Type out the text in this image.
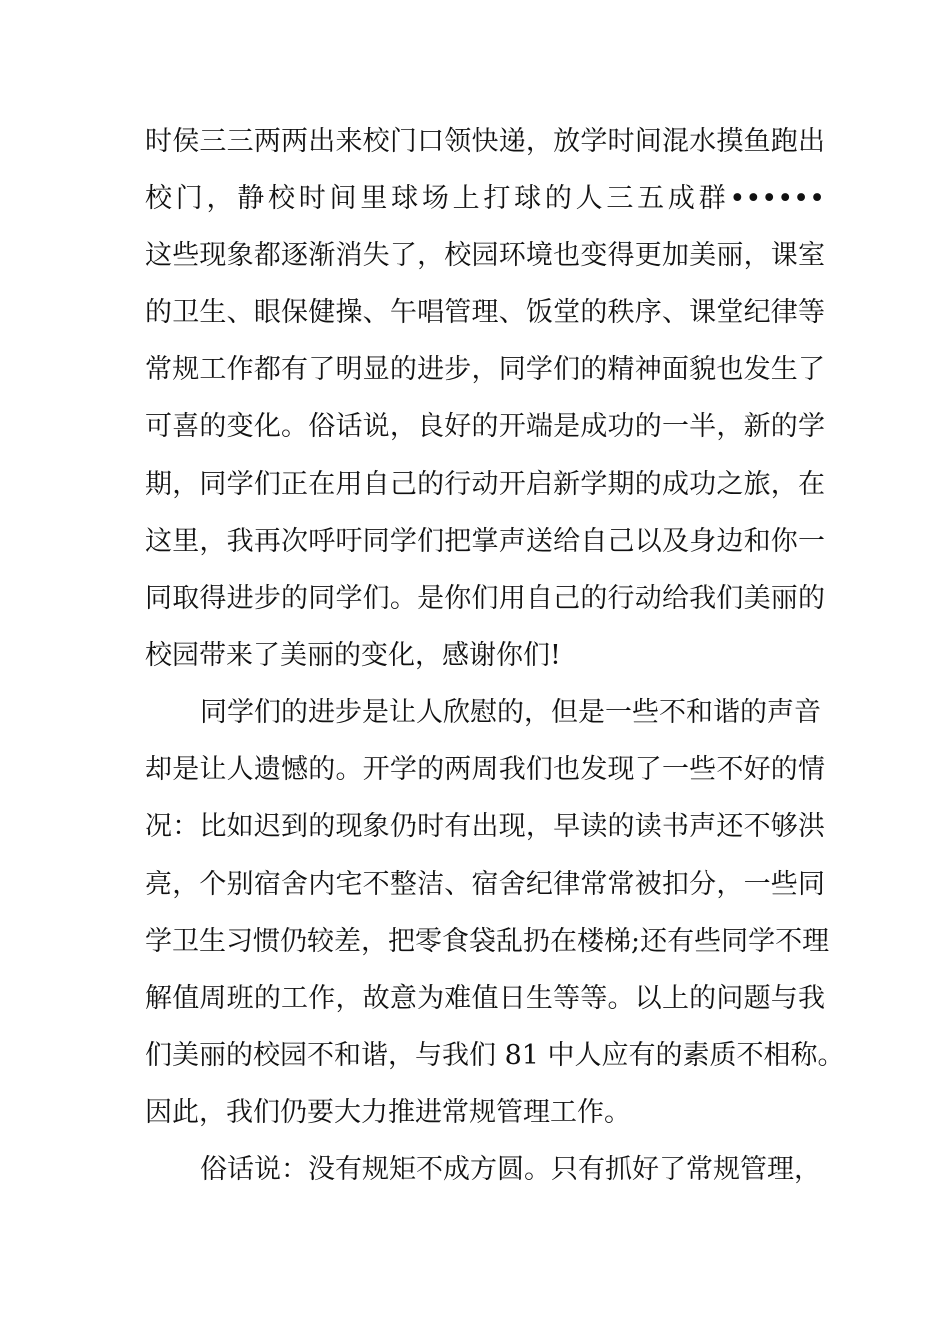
时侯三三两两出来校门口领快递，放学时间混水摸鱼跑出
校门，静校时间里球场上打球的人三五成群••••••
这些现象都逐渐消失了，校园环境也变得更加美丽，课室
的卫生、眼保健操、午唱管理、饭堂的秩序、课堂纪律等
常规工作都有了明显的进步，同学们的精神面貌也发生了
可喜的变化。俗话说，良好的开端是成功的一半，新的学
期，同学们正在用自己的行动开启新学期的成功之旅，在
这里，我再次呼吁同学们把掌声送给自己以及身边和你一
同取得进步的同学们。是你们用自己的行动给我们美丽的
校园带来了美丽的变化，感谢你们!
同学们的进步是让人欣慰的，但是一些不和谐的声音
却是让人遗憾的。开学的两周我们也发现了一些不好的情
况：比如迟到的现象仍时有出现，早读的读书声还不够洪
亮，个别宿舍内宅不整洁、宿舍纪律常常被扣分，一些同
学卫生习惯仍较差，把零食袋乱扔在楼梯;还有些同学不理
解值周班的工作，故意为难值日生等等。以上的问题与我
们美丽的校园不和谐，与我们 81 中人应有的素质不相称。
因此，我们仍要大力推进常规管理工作。
俗话说：没有规矩不成方圆。只有抓好了常规管理，
